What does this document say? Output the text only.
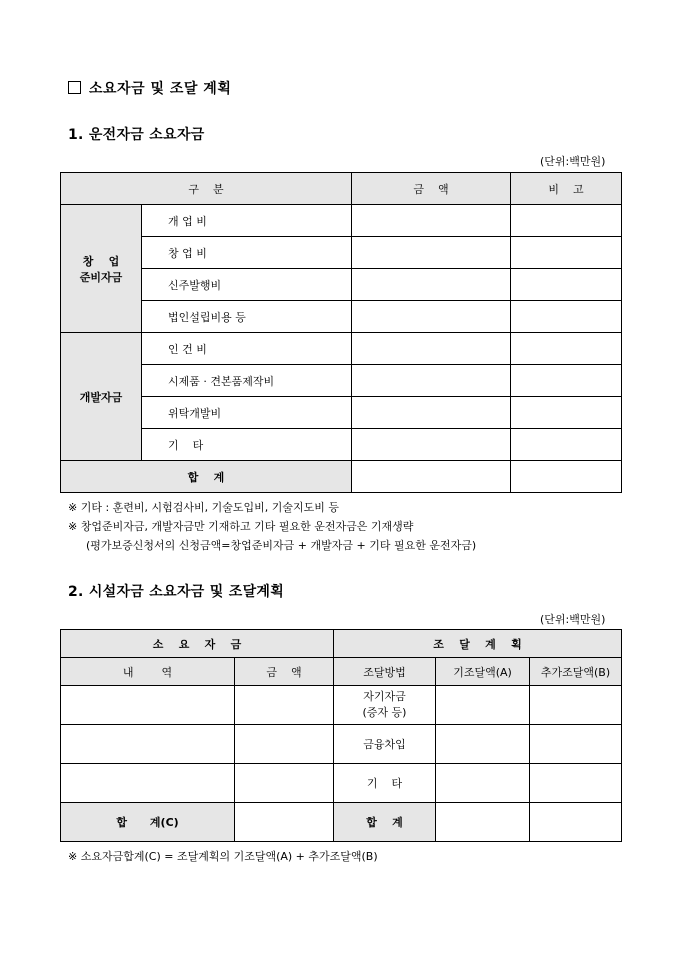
소요자금 및 조달 계획
1. 운전자금 소요자금
(단위:백만원)
구    분		금    액	비    고

창    업
준비자금	개 업 비		
	창 업 비		
	신주발행비		
	법인설립비용 등		

개발자금	인 건 비		
	시제품 · 견본품제작비		
	위탁개발비		
	기    타		
합    계			
※ 기타 : 훈련비, 시험검사비, 기술도입비, 기술지도비 등
※ 창업준비자금, 개발자금만 기재하고 기타 필요한 운전자금은 기재생략
(평가보증신청서의 신청금액=창업준비자금 + 개발자금 + 기타 필요한 운전자금)
2. 시설자금 소요자금 및 조달계획
(단위:백만원)
소    요    자    금		조    달    계    획		
내        역	금    액	조달방법	기조달액(A)	추가조달액(B)

		자기자금
(증자 등)		

		금융차입		
		기    타		
합      계(C)		합    계		
※ 소요자금합계(C) = 조달계획의 기조달액(A) + 추가조달액(B)
